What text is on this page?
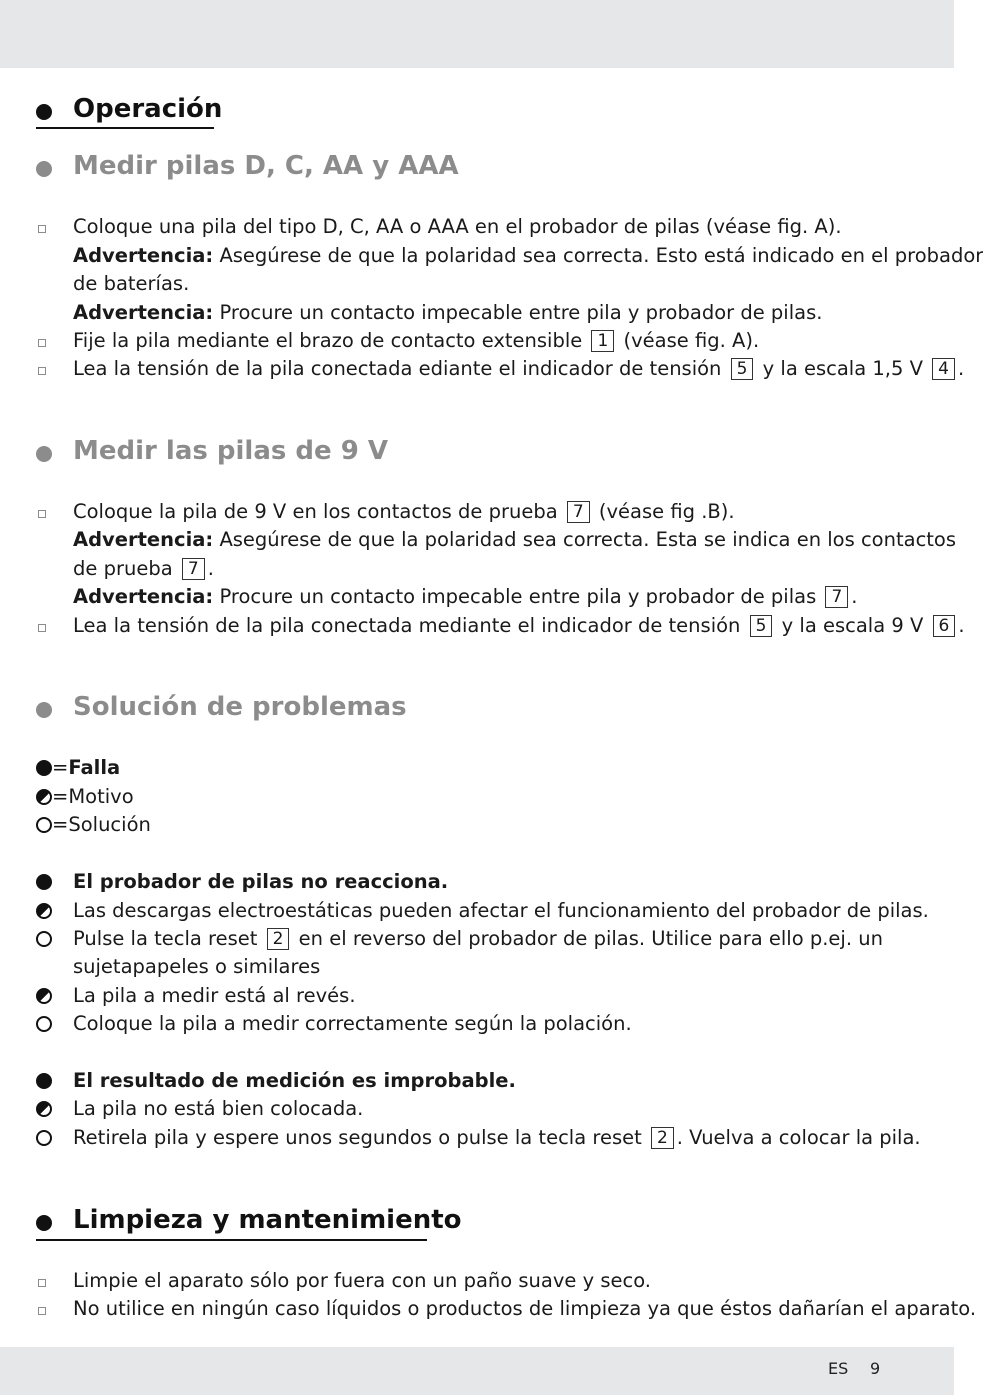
Operación
Medir pilas D, C, AA y AAA
Coloque una pila del tipo D, C, AA o AAA en el probador de pilas (véase fig. A).
Advertencia: Asegúrese de que la polaridad sea correcta. Esto está indicado en el probador
de baterías.
Advertencia: Procure un contacto impecable entre pila y probador de pilas.
Fije la pila mediante el brazo de contacto extensible 1 (véase fig. A).
Lea la tensión de la pila conectada ediante el indicador de tensión 5 y la escala 1,5 V 4 .
Medir las pilas de 9 V
Coloque la pila de 9 V en los contactos de prueba 7 (véase fig .B).
Advertencia: Asegúrese de que la polaridad sea correcta. Esta se indica en los contactos
de prueba 7 .
Advertencia: Procure un contacto impecable entre pila y probador de pilas 7 .
Lea la tensión de la pila conectada mediante el indicador de tensión 5 y la escala 9 V 6 .
Solución de problemas
=Falla
=Motivo
=Solución
El probador de pilas no reacciona.
Las descargas electroestáticas pueden afectar el funcionamiento del probador de pilas.
Pulse la tecla reset 2 en el reverso del probador de pilas. Utilice para ello p.ej. un
sujetapapeles o similares
La pila a medir está al revés.
Coloque la pila a medir correctamente según la polación.
El resultado de medición es improbable.
La pila no está bien colocada.
Retirela pila y espere unos segundos o pulse la tecla reset 2 . Vuelva a colocar la pila.
Limpieza y mantenimiento
Limpie el aparato sólo por fuera con un paño suave y seco.
No utilice en ningún caso líquidos o productos de limpieza ya que éstos dañarían el aparato.
ES 9
